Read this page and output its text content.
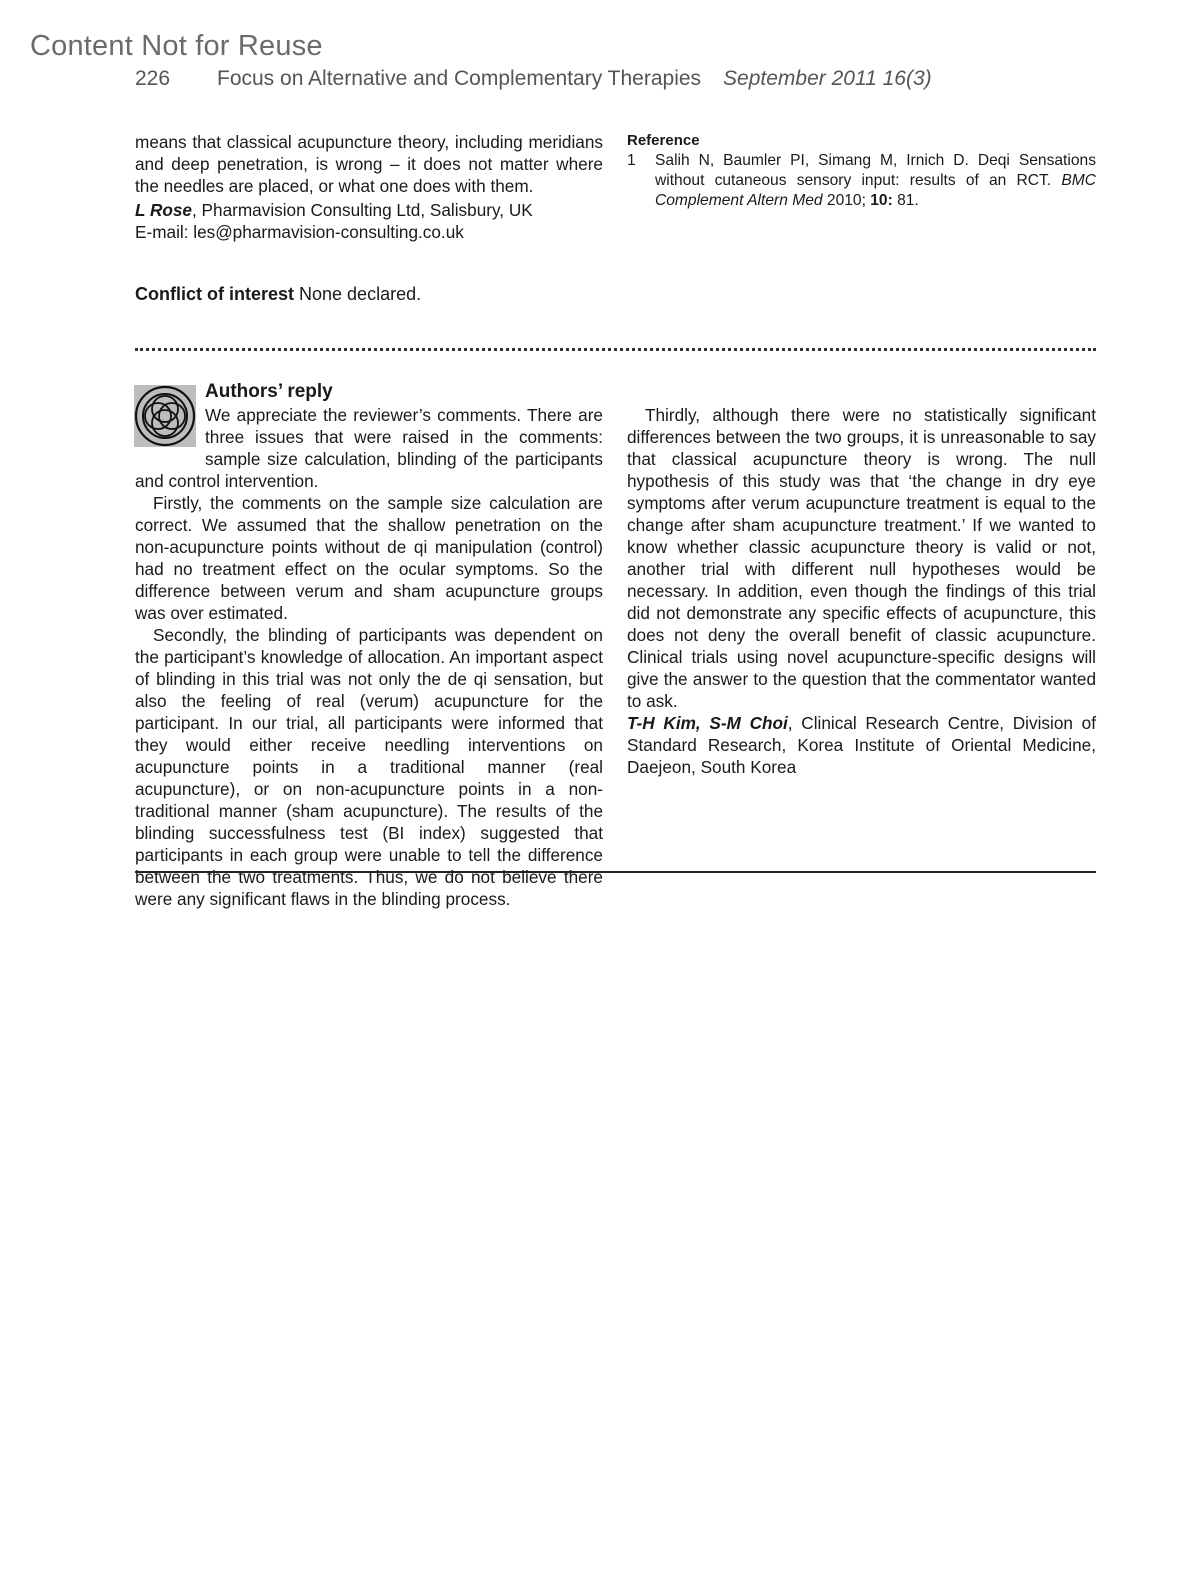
Content Not for Reuse
226 Focus on Alternative and Complementary Therapies September 2011 16(3)

means that classical acupuncture theory, including meridians and deep penetration, is wrong – it does not matter where the needles are placed, or what one does with them.

L Rose, Pharmavision Consulting Ltd, Salisbury, UK

E-mail: les@pharmavision-consulting.co.uk

Conflict of interest None declared.
Reference
1	Salih N, Baumler PI, Simang M, Irnich D. Deqi Sensations without cutaneous sensory input: results of an RCT. BMC Complement Altern Med 2010; 10: 81.
Authors’ reply

We appreciate the reviewer’s comments. There are three issues that were raised in the comments: sample size calculation, blinding of the participants and control intervention.

Firstly, the comments on the sample size calculation are correct. We assumed that the shallow penetration on the non-acupuncture points without de qi manipulation (control) had no treatment effect on the ocular symptoms. So the difference between verum and sham acupuncture groups was over estimated.

Secondly, the blinding of participants was dependent on the participant’s knowledge of allocation. An important aspect of blinding in this trial was not only the de qi sensation, but also the feeling of real (verum) acupuncture for the participant. In our trial, all participants were informed that they would either receive needling interventions on acupuncture points in a traditional manner (real acupuncture), or on non-acupuncture points in a non-traditional manner (sham acupuncture). The results of the blinding successfulness test (BI index) suggested that participants in each group were unable to tell the difference between the two treatments. Thus, we do not believe there were any significant flaws in the blinding process.

Thirdly, although there were no statistically significant differences between the two groups, it is unreasonable to say that classical acupuncture theory is wrong. The null hypothesis of this study was that ‘the change in dry eye symptoms after verum acupuncture treatment is equal to the change after sham acupuncture treatment.’ If we wanted to know whether classic acupuncture theory is valid or not, another trial with different null hypotheses would be necessary. In addition, even though the findings of this trial did not demonstrate any specific effects of acupuncture, this does not deny the overall benefit of classic acupuncture. Clinical trials using novel acupuncture-specific designs will give the answer to the question that the commentator wanted to ask.

T-H Kim, S-M Choi, Clinical Research Centre, Division of Standard Research, Korea Institute of Oriental Medicine, Daejeon, South Korea
